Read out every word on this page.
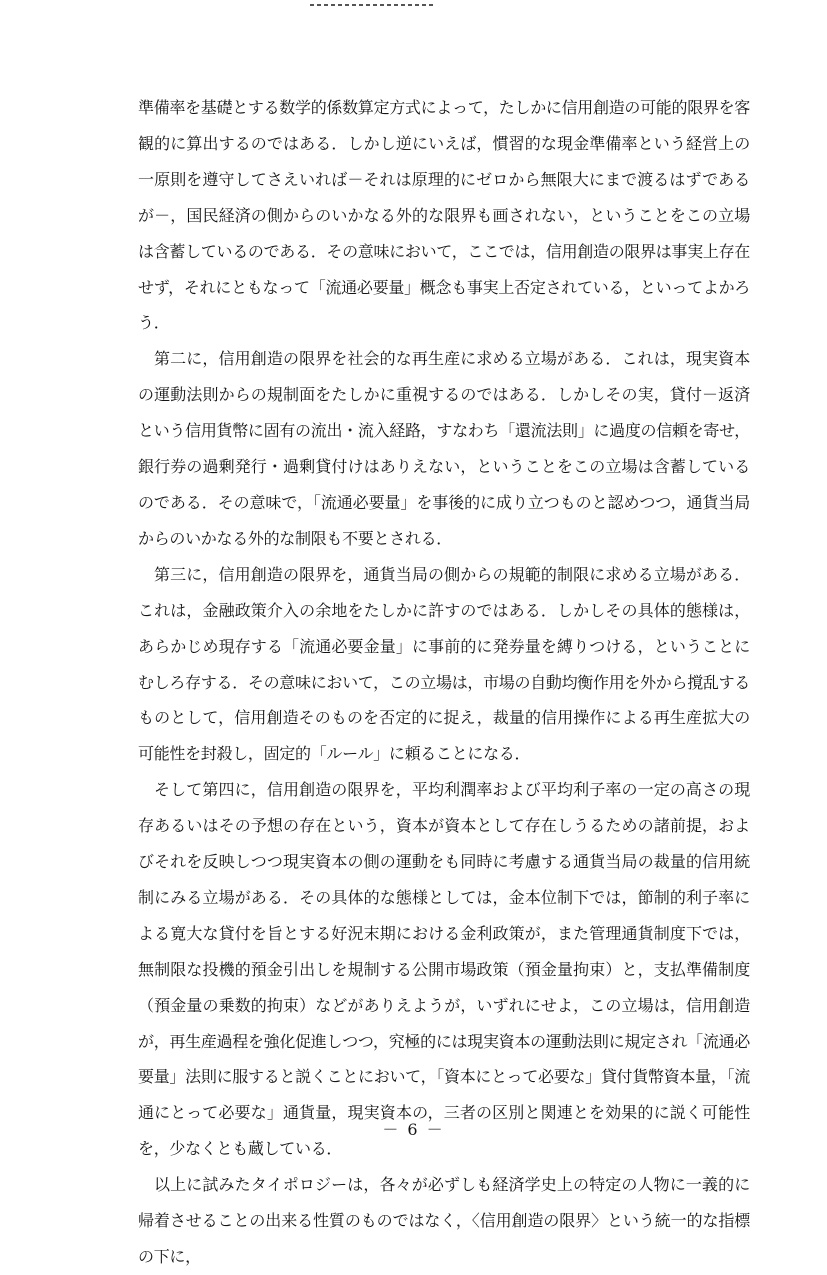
準備率を基礎とする数学的係数算定方式によって，たしかに信用創造の可能的限界を客観的に算出するのではある．しかし逆にいえば，慣習的な現金準備率という経営上の一原則を遵守してさえいれば－それは原理的にゼロから無限大にまで渡るはずであるが－，国民経済の側からのいかなる外的な限界も画されない，ということをこの立場は含蓄しているのである．その意味において，ここでは，信用創造の限界は事実上存在せず，それにともなって「流通必要量」概念も事実上否定されている，といってよかろう．

第二に，信用創造の限界を社会的な再生産に求める立場がある．これは，現実資本の運動法則からの規制面をたしかに重視するのではある．しかしその実，貸付－返済という信用貨幣に固有の流出・流入経路，すなわち「還流法則」に過度の信頼を寄せ，銀行券の過剰発行・過剰貸付けはありえない，ということをこの立場は含蓄しているのである．その意味で，「流通必要量」を事後的に成り立つものと認めつつ，通貨当局からのいかなる外的な制限も不要とされる．

第三に，信用創造の限界を，通貨当局の側からの規範的制限に求める立場がある．これは，金融政策介入の余地をたしかに許すのではある．しかしその具体的態様は，あらかじめ現存する「流通必要金量」に事前的に発券量を縛りつける，ということにむしろ存する．その意味において，この立場は，市場の自動均衡作用を外から撹乱するものとして，信用創造そのものを否定的に捉え，裁量的信用操作による再生産拡大の可能性を封殺し，固定的「ルール」に頼ることになる．

そして第四に，信用創造の限界を，平均利潤率および平均利子率の一定の高さの現存あるいはその予想の存在という，資本が資本として存在しうるための諸前提，およびそれを反映しつつ現実資本の側の運動をも同時に考慮する通貨当局の裁量的信用統制にみる立場がある．その具体的な態様としては，金本位制下では，節制的利子率による寛大な貸付を旨とする好況末期における金利政策が，また管理通貨制度下では，無制限な投機的預金引出しを規制する公開市場政策（預金量拘束）と，支払準備制度（預金量の乗数的拘束）などがありえようが，いずれにせよ，この立場は，信用創造が，再生産過程を強化促進しつつ，究極的には現実資本の運動法則に規定され「流通必要量」法則に服すると説くことにおいて，「資本にとって必要な」貸付貨幣資本量，「流通にとって必要な」通貨量，現実資本の，三者の区別と関連とを効果的に説く可能性を，少なくとも蔵している．

以上に試みたタイポロジーは，各々が必ずしも経済学史上の特定の人物に一義的に帰着させることの出来る性質のものではなく，〈信用創造の限界〉という統一的な指標の下に，

－ 6 －
